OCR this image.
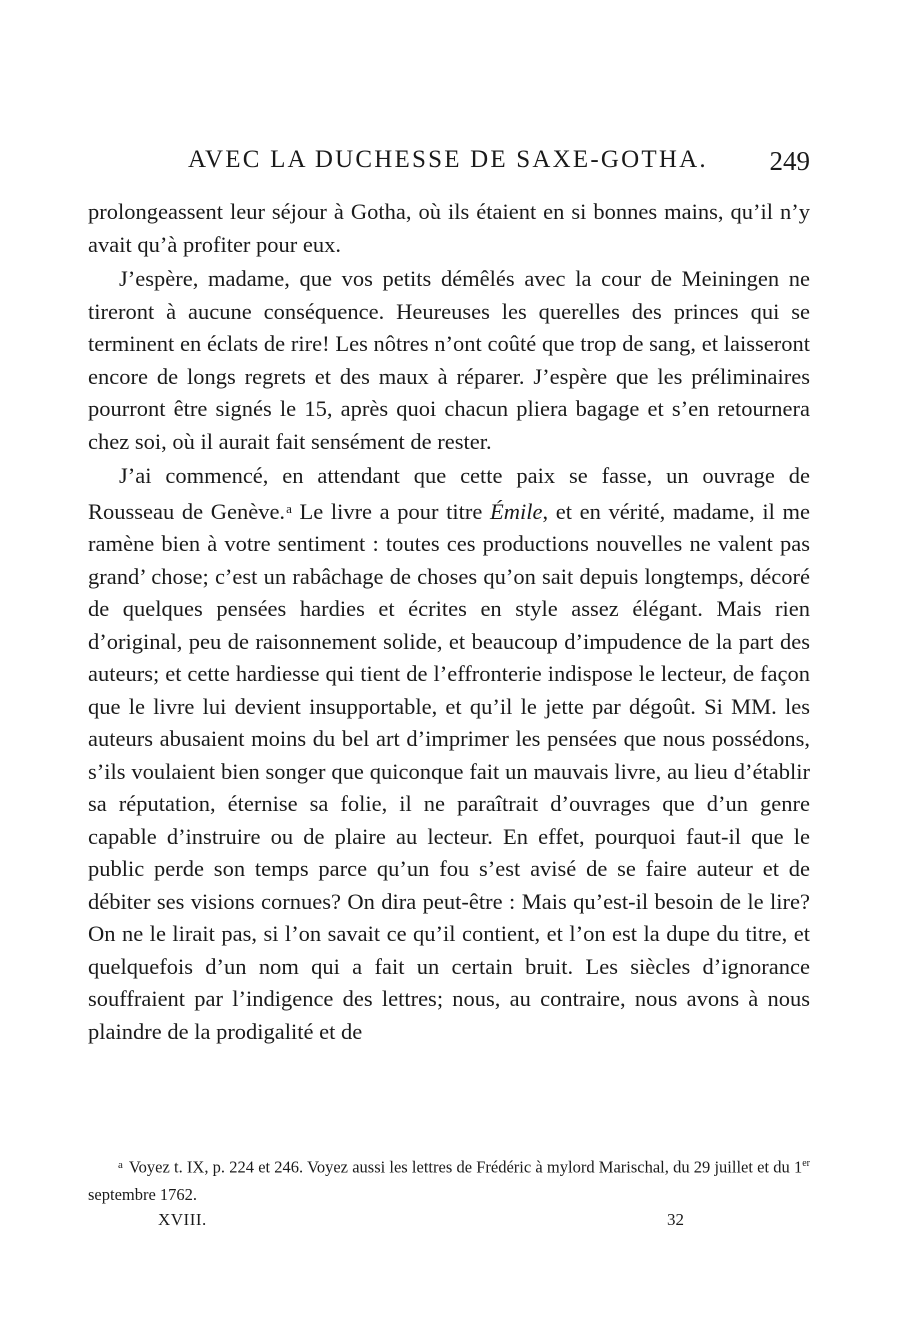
AVEC LA DUCHESSE DE SAXE-GOTHA. 249

prolongeassent leur séjour à Gotha, où ils étaient en si bonnes mains, qu’il n’y avait qu’à profiter pour eux.

J’espère, madame, que vos petits démêlés avec la cour de Meiningen ne tireront à aucune conséquence. Heureuses les querelles des princes qui se terminent en éclats de rire! Les nôtres n’ont coûté que trop de sang, et laisseront encore de longs regrets et des maux à réparer. J’espère que les préliminaires pourront être signés le 15, après quoi chacun pliera bagage et s’en retournera chez soi, où il aurait fait sensément de rester.

J’ai commencé, en attendant que cette paix se fasse, un ouvrage de Rousseau de Genève.$^a$ Le livre a pour titre Émile, et en vérité, madame, il me ramène bien à votre sentiment : toutes ces productions nouvelles ne valent pas grand’ chose; c’est un rabâchage de choses qu’on sait depuis longtemps, décoré de quelques pensées hardies et écrites en style assez élégant. Mais rien d’original, peu de raisonnement solide, et beaucoup d’impudence de la part des auteurs; et cette hardiesse qui tient de l’effronterie indispose le lecteur, de façon que le livre lui devient insupportable, et qu’il le jette par dégoût. Si MM. les auteurs abusaient moins du bel art d’imprimer les pensées que nous possédons, s’ils voulaient bien songer que quiconque fait un mauvais livre, au lieu d’établir sa réputation, éternise sa folie, il ne paraîtrait d’ouvrages que d’un genre capable d’instruire ou de plaire au lecteur. En effet, pourquoi faut-il que le public perde son temps parce qu’un fou s’est avisé de se faire auteur et de débiter ses visions cornues? On dira peut-être : Mais qu’est-il besoin de le lire? On ne le lirait pas, si l’on savait ce qu’il contient, et l’on est la dupe du titre, et quelquefois d’un nom qui a fait un certain bruit. Les siècles d’ignorance souffraient par l’indigence des lettres; nous, au contraire, nous avons à nous plaindre de la prodigalité et de

$^a$ Voyez t. IX, p. 224 et 246. Voyez aussi les lettres de Frédéric à mylord Marischal, du 29 juillet et du 1er septembre 1762.
XVIII.	32
